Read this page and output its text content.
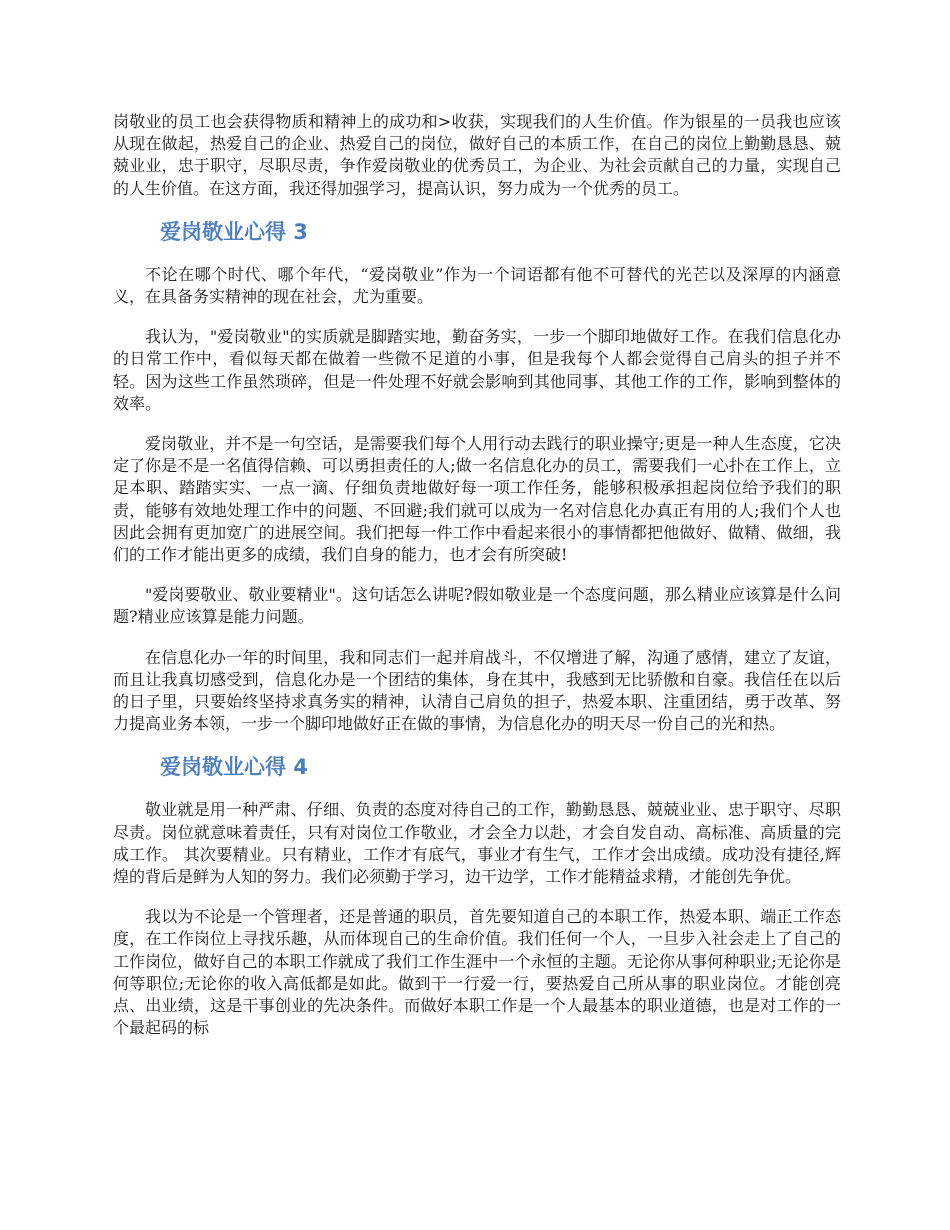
岗敬业的员工也会获得物质和精神上的成功和>收获，实现我们的人生价值。作为银星的一员我也应该从现在做起，热爱自己的企业、热爱自己的岗位，做好自己的本质工作，在自己的岗位上勤勤恳恳、兢兢业业，忠于职守，尽职尽责，争作爱岗敬业的优秀员工，为企业、为社会贡献自己的力量，实现自己的人生价值。在这方面，我还得加强学习，提高认识，努力成为一个优秀的员工。

爱岗敬业心得 3

不论在哪个时代、哪个年代，“爱岗敬业”作为一个词语都有他不可替代的光芒以及深厚的内涵意义，在具备务实精神的现在社会，尤为重要。

我认为，"爱岗敬业"的实质就是脚踏实地，勤奋务实，一步一个脚印地做好工作。在我们信息化办的日常工作中，看似每天都在做着一些微不足道的小事，但是我每个人都会觉得自己肩头的担子并不轻。因为这些工作虽然琐碎，但是一件处理不好就会影响到其他同事、其他工作的工作，影响到整体的效率。

爱岗敬业，并不是一句空话，是需要我们每个人用行动去践行的职业操守;更是一种人生态度，它决定了你是不是一名值得信赖、可以勇担责任的人;做一名信息化办的员工，需要我们一心扑在工作上，立足本职、踏踏实实、一点一滴、仔细负责地做好每一项工作任务，能够积极承担起岗位给予我们的职责，能够有效地处理工作中的问题、不回避;我们就可以成为一名对信息化办真正有用的人;我们个人也因此会拥有更加宽广的进展空间。我们把每一件工作中看起来很小的事情都把他做好、做精、做细，我们的工作才能出更多的成绩，我们自身的能力，也才会有所突破!

"爱岗要敬业、敬业要精业"。这句话怎么讲呢?假如敬业是一个态度问题，那么精业应该算是什么问题?精业应该算是能力问题。

在信息化办一年的时间里，我和同志们一起并肩战斗，不仅增进了解，沟通了感情，建立了友谊，而且让我真切感受到，信息化办是一个团结的集体，身在其中，我感到无比骄傲和自豪。我信任在以后的日子里，只要始终坚持求真务实的精神，认清自己肩负的担子，热爱本职、注重团结，勇于改革、努力提高业务本领，一步一个脚印地做好正在做的事情，为信息化办的明天尽一份自己的光和热。

爱岗敬业心得 4

敬业就是用一种严肃、仔细、负责的态度对待自己的工作，勤勤恳恳、兢兢业业、忠于职守、尽职尽责。岗位就意味着责任，只有对岗位工作敬业，才会全力以赴，才会自发自动、高标准、高质量的完成工作。 其次要精业。只有精业，工作才有底气，事业才有生气，工作才会出成绩。成功没有捷径,辉煌的背后是鲜为人知的努力。我们必须勤于学习，边干边学，工作才能精益求精，才能创先争优。

我以为不论是一个管理者，还是普通的职员，首先要知道自己的本职工作，热爱本职、端正工作态度，在工作岗位上寻找乐趣，从而体现自己的生命价值。我们任何一个人，一旦步入社会走上了自己的工作岗位，做好自己的本职工作就成了我们工作生涯中一个永恒的主题。无论你从事何种职业;无论你是何等职位;无论你的收入高低都是如此。做到干一行爱一行，要热爱自己所从事的职业岗位。才能创亮点、出业绩，这是干事创业的先决条件。而做好本职工作是一个人最基本的职业道德，也是对工作的一个最起码的标
